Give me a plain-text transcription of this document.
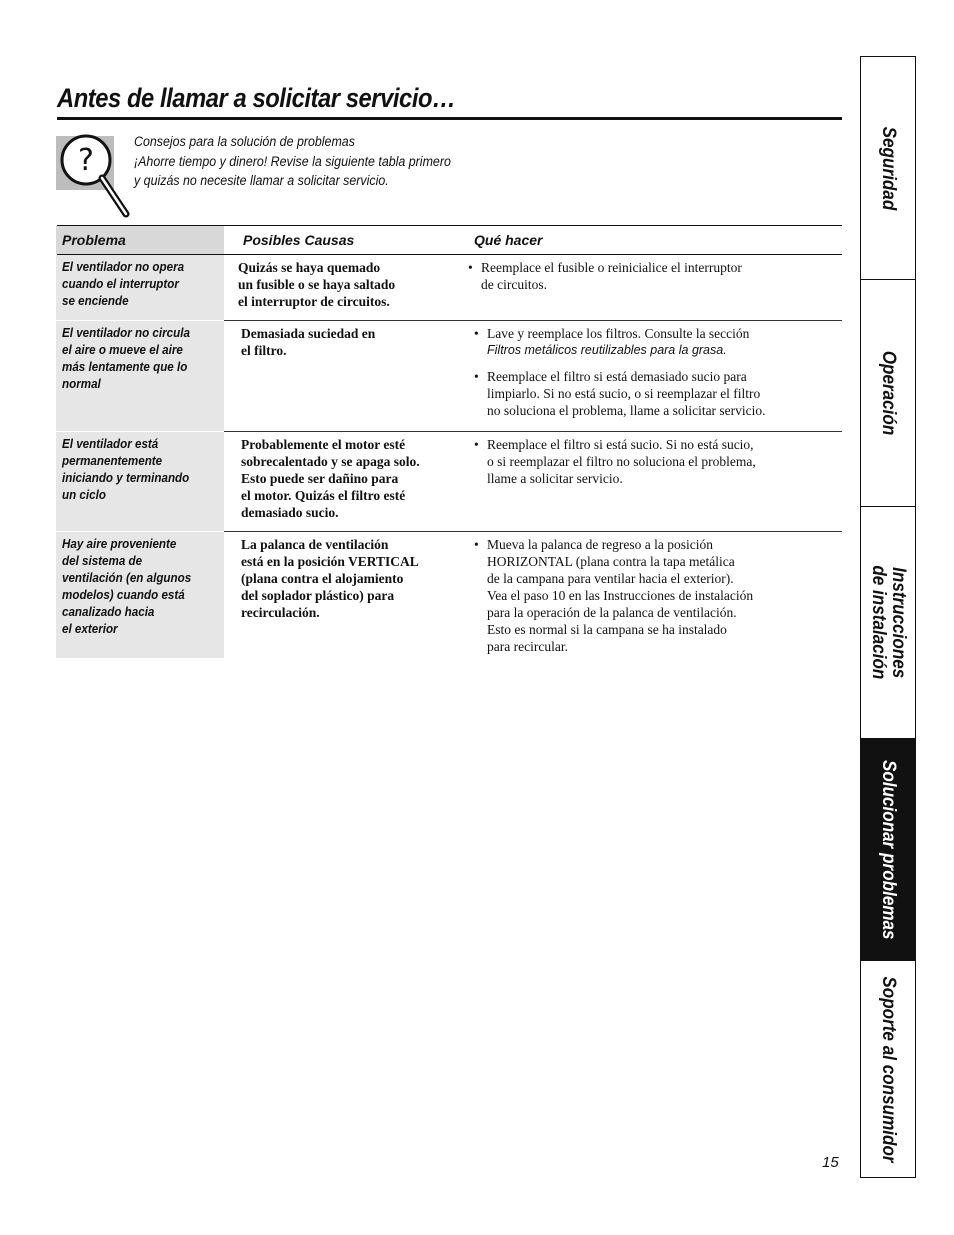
Antes de llamar a solicitar servicio…
?
Consejos para la solución de problemas
¡Ahorre tiempo y dinero! Revise la siguiente tabla primero
y quizás no necesite llamar a solicitar servicio.
Problema	Posibles Causas	Qué hacer
El ventilador no opera
cuando el interruptor
se enciende
Quizás se haya quemado
un fusible o se haya saltado
el interruptor de circuitos.
• Reemplace el fusible o reinicialice el interruptor
de circuitos.
El ventilador no circula
el aire o mueve el aire
más lentamente que lo
normal
Demasiada suciedad en
el filtro.
• Lave y reemplace los filtros. Consulte la sección
Filtros metálicos reutilizables para la grasa.
• Reemplace el filtro si está demasiado sucio para
limpiarlo. Si no está sucio, o si reemplazar el filtro
no soluciona el problema, llame a solicitar servicio.
El ventilador está
permanentemente
iniciando y terminando
un ciclo
Probablemente el motor esté
sobrecalentado y se apaga solo.
Esto puede ser dañino para
el motor. Quizás el filtro esté
demasiado sucio.
• Reemplace el filtro si está sucio. Si no está sucio,
o si reemplazar el filtro no soluciona el problema,
llame a solicitar servicio.
Hay aire proveniente
del sistema de
ventilación (en algunos
modelos) cuando está
canalizado hacia
el exterior
La palanca de ventilación
está en la posición VERTICAL
(plana contra el alojamiento
del soplador plástico) para
recirculación.
• Mueva la palanca de regreso a la posición
HORIZONTAL (plana contra la tapa metálica
de la campana para ventilar hacia el exterior).
Vea el paso 10 en las Instrucciones de instalación
para la operación de la palanca de ventilación.
Esto es normal si la campana se ha instalado
para recircular.
Seguridad
Operación
Instrucciones
de instalación
Solucionar problemas
Soporte al consumidor
15
